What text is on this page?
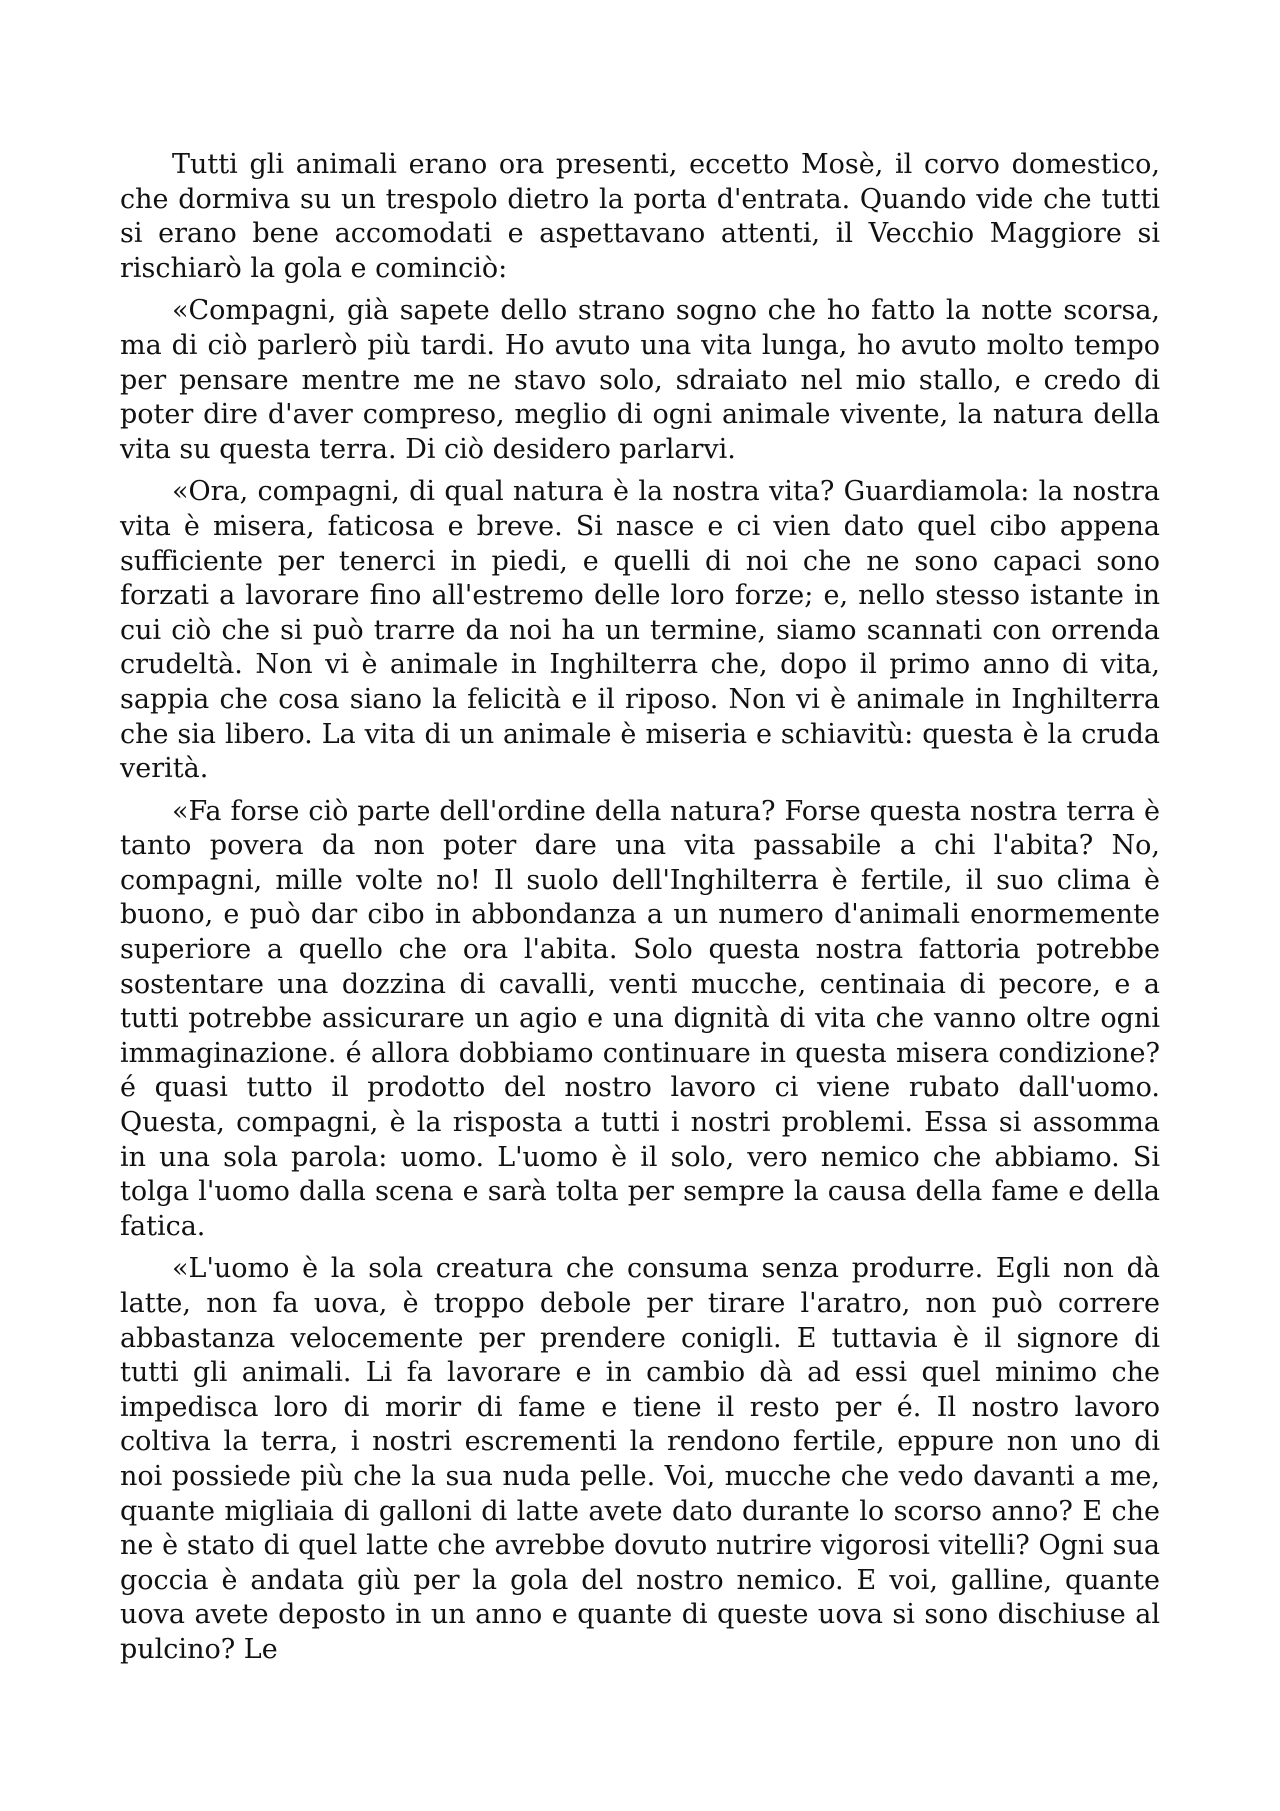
Tutti gli animali erano ora presenti, eccetto Mosè, il corvo domestico, che dormiva su un trespolo dietro la porta d'entrata. Quando vide che tutti si erano bene accomodati e aspettavano attenti, il Vecchio Maggiore si rischiarò la gola e cominciò:

«Compagni, già sapete dello strano sogno che ho fatto la notte scorsa, ma di ciò parlerò più tardi. Ho avuto una vita lunga, ho avuto molto tempo per pensare mentre me ne stavo solo, sdraiato nel mio stallo, e credo di poter dire d'aver compreso, meglio di ogni animale vivente, la natura della vita su questa terra. Di ciò desidero parlarvi.

«Ora, compagni, di qual natura è la nostra vita? Guardiamola: la nostra vita è misera, faticosa e breve. Si nasce e ci vien dato quel cibo appena sufficiente per tenerci in piedi, e quelli di noi che ne sono capaci sono forzati a lavorare fino all'estremo delle loro forze; e, nello stesso istante in cui ciò che si può trarre da noi ha un termine, siamo scannati con orrenda crudeltà. Non vi è animale in Inghilterra che, dopo il primo anno di vita, sappia che cosa siano la felicità e il riposo. Non vi è animale in Inghilterra che sia libero. La vita di un animale è miseria e schiavitù: questa è la cruda verità.

«Fa forse ciò parte dell'ordine della natura? Forse questa nostra terra è tanto povera da non poter dare una vita passabile a chi l'abita? No, compagni, mille volte no! Il suolo dell'Inghilterra è fertile, il suo clima è buono, e può dar cibo in abbondanza a un numero d'animali enormemente superiore a quello che ora l'abita. Solo questa nostra fattoria potrebbe sostentare una dozzina di cavalli, venti mucche, centinaia di pecore, e a tutti potrebbe assicurare un agio e una dignità di vita che vanno oltre ogni immaginazione. é allora dobbiamo continuare in questa misera condizione? é quasi tutto il prodotto del nostro lavoro ci viene rubato dall'uomo. Questa, compagni, è la risposta a tutti i nostri problemi. Essa si assomma in una sola parola: uomo. L'uomo è il solo, vero nemico che abbiamo. Si tolga l'uomo dalla scena e sarà tolta per sempre la causa della fame e della fatica.

«L'uomo è la sola creatura che consuma senza produrre. Egli non dà latte, non fa uova, è troppo debole per tirare l'aratro, non può correre abbastanza velocemente per prendere conigli. E tuttavia è il signore di tutti gli animali. Li fa lavorare e in cambio dà ad essi quel minimo che impedisca loro di morir di fame e tiene il resto per é. Il nostro lavoro coltiva la terra, i nostri escrementi la rendono fertile, eppure non uno di noi possiede più che la sua nuda pelle. Voi, mucche che vedo davanti a me, quante migliaia di galloni di latte avete dato durante lo scorso anno? E che ne è stato di quel latte che avrebbe dovuto nutrire vigorosi vitelli? Ogni sua goccia è andata giù per la gola del nostro nemico. E voi, galline, quante uova avete deposto in un anno e quante di queste uova si sono dischiuse al pulcino? Le
